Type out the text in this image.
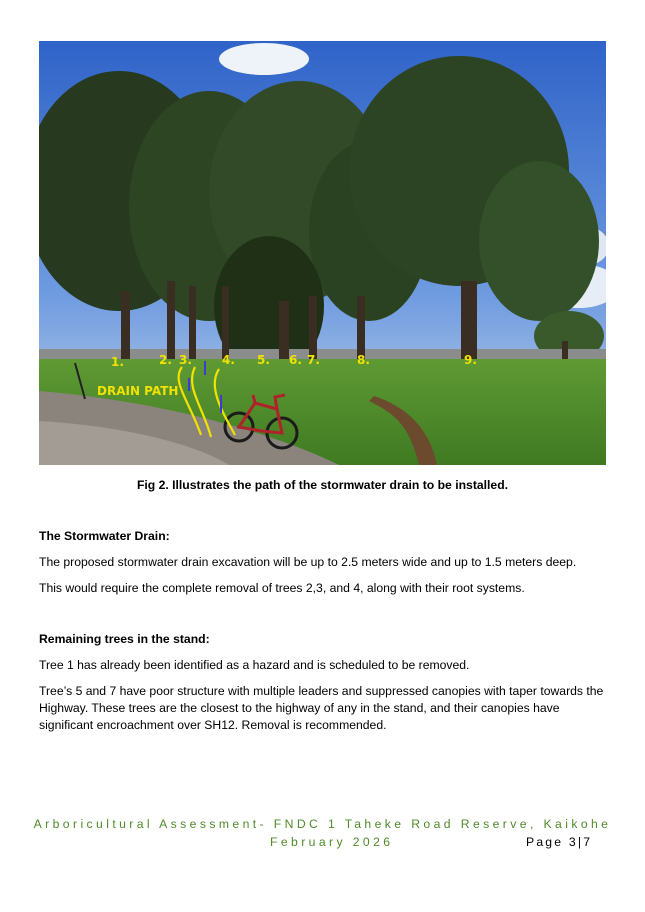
1.	2. 3.	4. 5. 6. 7.	8.	9.
DRAIN PATH
Fig 2. Illustrates the path of the stormwater drain to be installed.
The Stormwater Drain:
The proposed stormwater drain excavation will be up to 2.5 meters wide and up to 1.5 meters deep.
This would require the complete removal of trees 2,3, and 4, along with their root systems.
Remaining trees in the stand:
Tree 1 has already been identified as a hazard and is scheduled to be removed.
Tree’s 5 and 7 have poor structure with multiple leaders and suppressed canopies with taper towards the Highway. These trees are the closest to the highway of any in the stand, and their canopies have significant encroachment over SH12. Removal is recommended.
Arboricultural Assessment- FNDC 1 Taheke Road Reserve, Kaikohe
February 2026	Page 3|7
